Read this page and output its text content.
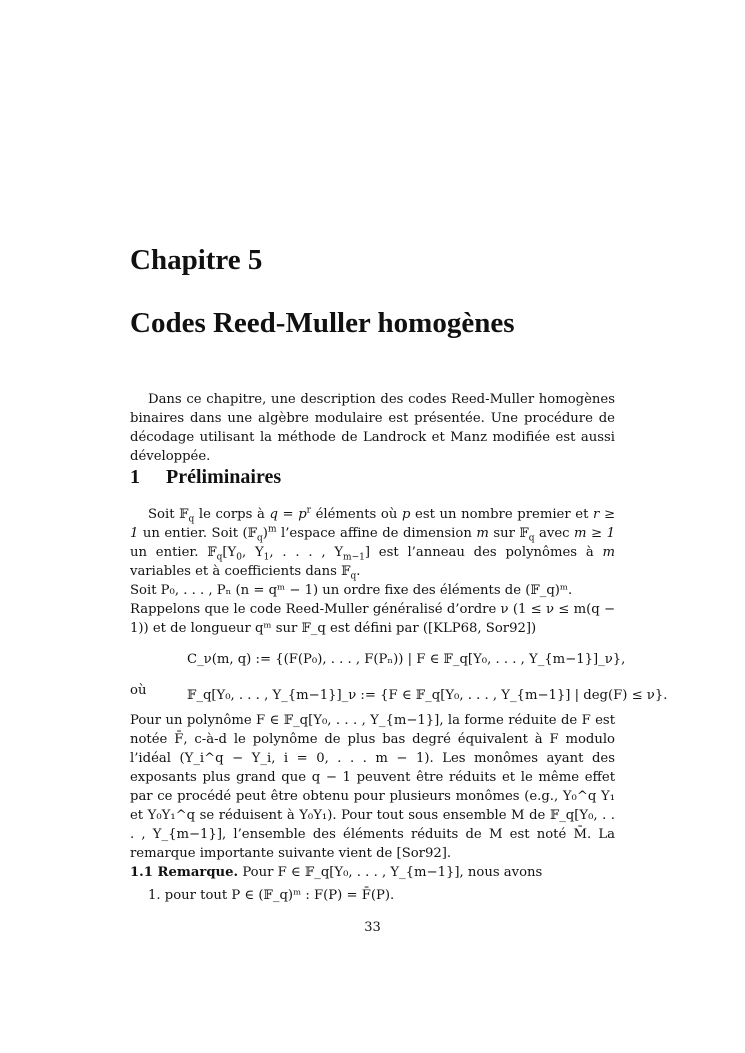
Chapitre 5
Codes Reed-Muller homogènes
Dans ce chapitre, une description des codes Reed-Muller homogènes binaires dans une algèbre modulaire est présentée. Une procédure de décodage utilisant la méthode de Landrock et Manz modifiée est aussi développée.
1 Préliminaires

Soit 𝔽$_q$ le corps à $q = p^r$ éléments où p est un nombre premier et r ≥ 1 un entier. Soit (𝔽$_q$)$^m$ l’espace affine de dimension m sur 𝔽$_q$ avec m ≥ 1 un entier. $𝔽_q[Y_0$, $Y_1$, . . . , $Y_{m-1}$] est l’anneau des polynômes à m variables et à coefficients dans 𝔽$_q$.

Soit P₀, . . . , Pₙ (n = qᵐ − 1) un ordre fixe des éléments de (𝔽_q)ᵐ.

Rappelons que le code Reed-Muller généralisé d’ordre ν (1 ≤ ν ≤ m(q − 1)) et de longueur qᵐ sur 𝔽_q est défini par ([KLP68, Sor92])

C_ν(m, q) := {(F(P₀), . . . , F(Pₙ)) | F ∈ 𝔽_q[Y₀, . . . , Y_{m−1}]_ν},

où	𝔽_q[Y₀, . . . , Y_{m−1}]_ν := {F ∈ 𝔽_q[Y₀, . . . , Y_{m−1}] | deg(F) ≤ ν}.

Pour un polynôme F ∈ 𝔽_q[Y₀, . . . , Y_{m−1}], la forme réduite de F est notée F̄, c-à-d le polynôme de plus bas degré équivalent à F modulo l’idéal (Y_i^q − Y_i, i = 0, . . . m − 1). Les monômes ayant des exposants plus grand que q − 1 peuvent être réduits et le même effet par ce procédé peut être obtenu pour plusieurs monômes (e.g., Y₀^q Y₁ et Y₀Y₁^q se réduisent à Y₀Y₁). Pour tout sous ensemble M de 𝔽_q[Y₀, . . . , Y_{m−1}], l’ensemble des éléments réduits de M est noté M̄. La remarque importante suivante vient de [Sor92].

1.1 Remarque. Pour F ∈ 𝔽_q[Y₀, . . . , Y_{m−1}], nous avons

1. pour tout P ∈ (𝔽_q)ᵐ : F(P) = F̄(P).
33
